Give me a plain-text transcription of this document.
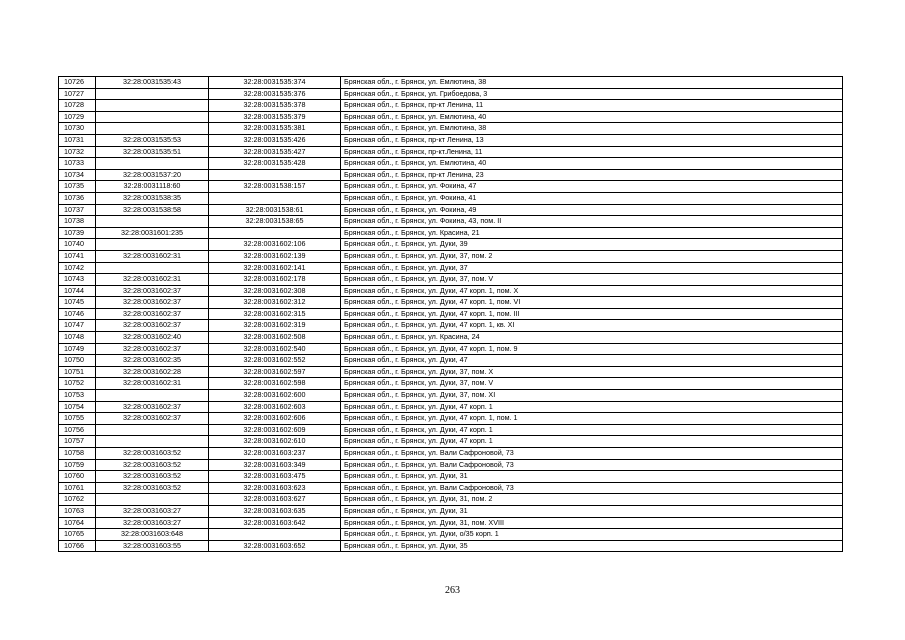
10726	32:28:0031535:43	32:28:0031535:374	Брянская обл., г. Брянск, ул. Емлютина, 38
10727		32:28:0031535:376	Брянская обл., г. Брянск, ул. Грибоедова, 3
10728		32:28:0031535:378	Брянская обл., г. Брянск, пр-кт Ленина, 11
10729		32:28:0031535:379	Брянская обл., г. Брянск, ул. Емлютина, 40
10730		32:28:0031535:381	Брянская обл., г. Брянск, ул. Емлютина, 38
10731	32:28:0031535:53	32:28:0031535:426	Брянская обл., г. Брянск, пр-кт Ленина, 13
10732	32:28:0031535:51	32:28:0031535:427	Брянская обл., г. Брянск, пр-кт.Ленина, 11
10733		32:28:0031535:428	Брянская обл., г. Брянск, ул. Емлютина, 40
10734	32:28:0031537:20		Брянская обл., г. Брянск, пр-кт Ленина, 23
10735	32:28:0031118:60	32:28:0031538:157	Брянская обл., г. Брянск, ул. Фокина, 47
10736	32:28:0031538:35		Брянская обл., г. Брянск, ул. Фокина, 41
10737	32:28:0031538:58	32:28:0031538:61	Брянская обл., г. Брянск, ул. Фокина, 49
10738		32:28:0031538:65	Брянская обл., г. Брянск, ул. Фокина, 43, пом. II
10739	32:28:0031601:235		Брянская обл., г. Брянск, ул. Красина, 21
10740		32:28:0031602:106	Брянская обл., г. Брянск, ул. Дуки, 39
10741	32:28:0031602:31	32:28:0031602:139	Брянская обл., г. Брянск, ул. Дуки, 37, пом. 2
10742		32:28:0031602:141	Брянская обл., г. Брянск, ул. Дуки, 37
10743	32:28:0031602:31	32:28:0031602:178	Брянская обл., г. Брянск, ул. Дуки, 37, пом. V
10744	32:28:0031602:37	32:28:0031602:308	Брянская обл., г. Брянск, ул. Дуки, 47 корп. 1, пом. X
10745	32:28:0031602:37	32:28:0031602:312	Брянская обл., г. Брянск, ул. Дуки, 47 корп. 1, пом. VI
10746	32:28:0031602:37	32:28:0031602:315	Брянская обл., г. Брянск, ул. Дуки, 47 корп. 1, пом. III
10747	32:28:0031602:37	32:28:0031602:319	Брянская обл., г. Брянск, ул. Дуки, 47 корп. 1, кв. XI
10748	32:28:0031602:40	32:28:0031602:508	Брянская обл., г. Брянск, ул. Красина, 24
10749	32:28:0031602:37	32:28:0031602:540	Брянская обл., г. Брянск, ул. Дуки, 47 корп. 1, пом. 9
10750	32:28:0031602:35	32:28:0031602:552	Брянская обл., г. Брянск, ул. Дуки, 47
10751	32:28:0031602:28	32:28:0031602:597	Брянская обл., г. Брянск, ул. Дуки, 37, пом. X
10752	32:28:0031602:31	32:28:0031602:598	Брянская обл., г. Брянск, ул. Дуки, 37, пом. V
10753		32:28:0031602:600	Брянская обл., г. Брянск, ул. Дуки, 37, пом. XI
10754	32:28:0031602:37	32:28:0031602:603	Брянская обл., г. Брянск, ул. Дуки, 47 корп. 1
10755	32:28:0031602:37	32:28:0031602:606	Брянская обл., г. Брянск, ул. Дуки, 47 корп. 1, пом. 1
10756		32:28:0031602:609	Брянская обл., г. Брянск, ул. Дуки, 47 корп. 1
10757		32:28:0031602:610	Брянская обл., г. Брянск, ул. Дуки, 47 корп. 1
10758	32:28:0031603:52	32:28:0031603:237	Брянская обл., г. Брянск, ул. Вали Сафроновой, 73
10759	32:28:0031603:52	32:28:0031603:349	Брянская обл., г. Брянск, ул. Вали Сафроновой, 73
10760	32:28:0031603:52	32:28:0031603:475	Брянская обл., г. Брянск, ул. Дуки, 31
10761	32:28:0031603:52	32:28:0031603:623	Брянская обл., г. Брянск, ул. Вали Сафроновой, 73
10762		32:28:0031603:627	Брянская обл., г. Брянск, ул. Дуки, 31, пом. 2
10763	32:28:0031603:27	32:28:0031603:635	Брянская обл., г. Брянск, ул. Дуки, 31
10764	32:28:0031603:27	32:28:0031603:642	Брянская обл., г. Брянск, ул. Дуки, 31, пом. XVIII
10765	32:28:0031603:648		Брянская обл., г. Брянск, ул. Дуки, о/35 корп. 1
10766	32:28:0031603:55	32:28:0031603:652	Брянская обл., г. Брянск, ул. Дуки, 35
263
